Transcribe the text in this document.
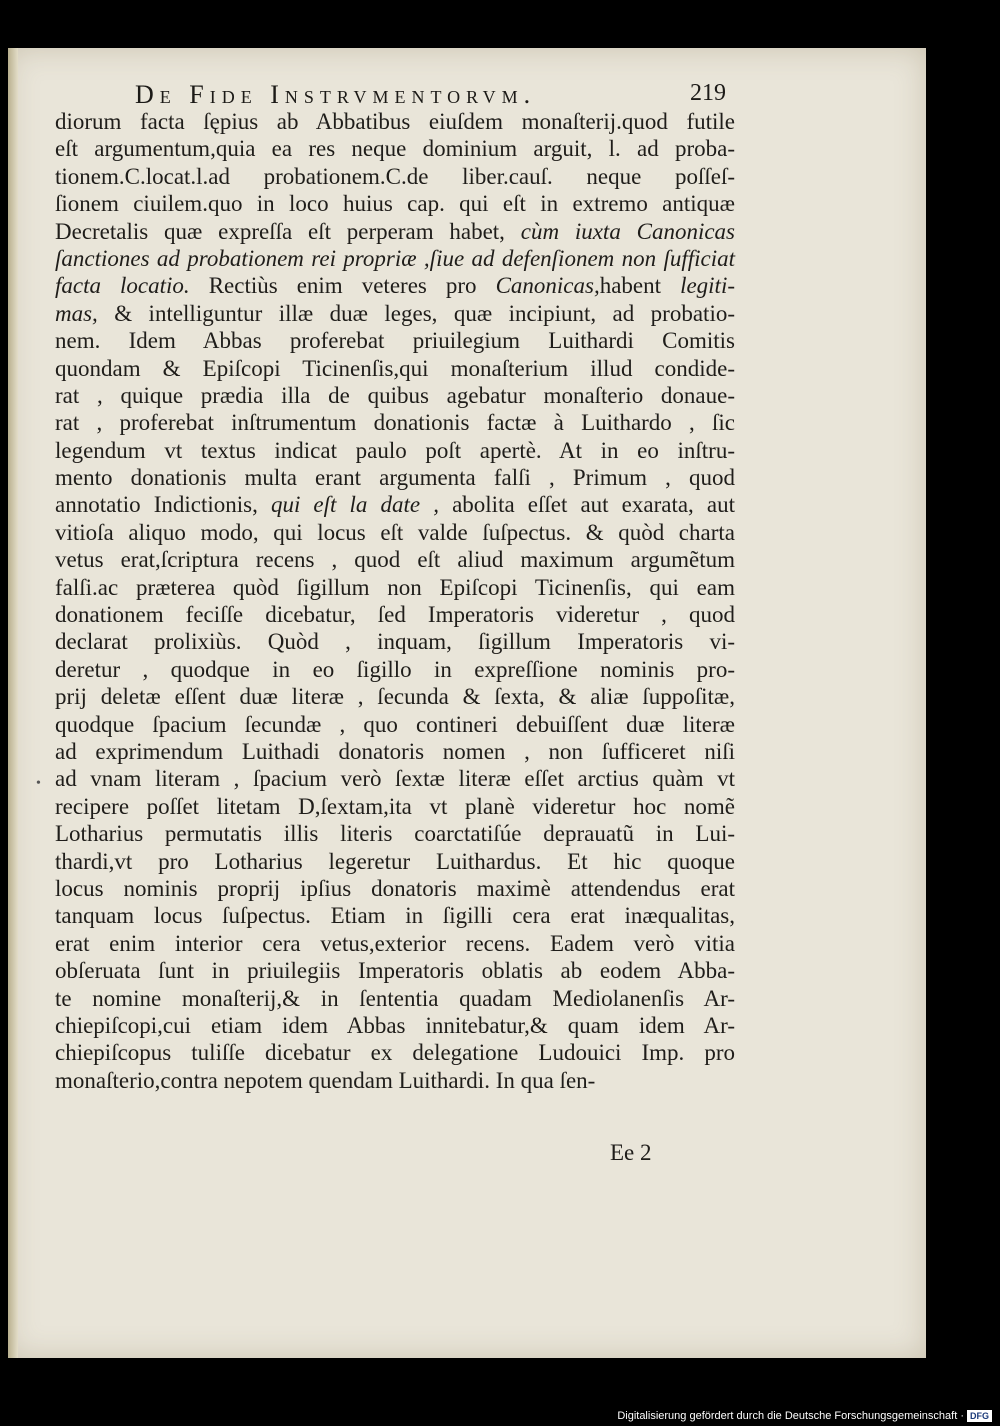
De Fide Instrvmentorvm.	219
diorum facta ſępius ab Abbatibus eiuſdem monaſterij.quod futile
eſt argumentum,quia ea res neque dominium arguit, l. ad proba-
tionem.C.locat.l.ad probationem.C.de liber.cauſ. neque poſſeſ-
ſionem ciuilem.quo in loco huius cap. qui eſt in extremo antiquæ
Decretalis quæ expreſſa eſt perperam habet, cùm iuxta Canonicas
ſanctiones ad probationem rei propriæ ,ſiue ad defenſionem non ſufficiat
facta locatio. Rectiùs enim veteres pro Canonicas,habent legiti-
mas, & intelliguntur illæ duæ leges, quæ incipiunt, ad probatio-
nem. Idem Abbas proferebat priuilegium Luithardi Comitis
quondam & Epiſcopi Ticinenſis,qui monaſterium illud condide-
rat , quique prædia illa de quibus agebatur monaſterio donaue-
rat , proferebat inſtrumentum donationis factæ à Luithardo , ſic
legendum vt textus indicat paulo poſt apertè. At in eo inſtru-
mento donationis multa erant argumenta falſi , Primum , quod
annotatio Indictionis, qui eſt la date , abolita eſſet aut exarata, aut
vitioſa aliquo modo, qui locus eſt valde ſuſpectus. & quòd charta
vetus erat,ſcriptura recens , quod eſt aliud maximum argumẽtum
falſi.ac præterea quòd ſigillum non Epiſcopi Ticinenſis, qui eam
donationem feciſſe dicebatur, ſed Imperatoris videretur , quod
declarat prolixiùs. Quòd , inquam, ſigillum Imperatoris vi-
deretur , quodque in eo ſigillo in expreſſione nominis pro-
prij deletæ eſſent duæ literæ , ſecunda & ſexta, & aliæ ſuppoſitæ,
quodque ſpacium ſecundæ , quo contineri debuiſſent duæ literæ
ad exprimendum Luithadi donatoris nomen , non ſufficeret niſi
ad vnam literam , ſpacium verò ſextæ literæ eſſet arctius quàm vt
recipere poſſet litetam D,ſextam,ita vt planè videretur hoc nomẽ
Lotharius permutatis illis literis coarctatiſúe deprauatũ in Lui-
thardi,vt pro Lotharius legeretur Luithardus. Et hic quoque
locus nominis proprij ipſius donatoris maximè attendendus erat
tanquam locus ſuſpectus. Etiam in ſigilli cera erat inæqualitas,
erat enim interior cera vetus,exterior recens. Eadem verò vitia
obſeruata ſunt in priuilegiis Imperatoris oblatis ab eodem Abba-
te nomine monaſterij,& in ſententia quadam Mediolanenſis Ar-
chiepiſcopi,cui etiam idem Abbas innitebatur,& quam idem Ar-
chiepiſcopus tuliſſe dicebatur ex delegatione Ludouici Imp. pro
monaſterio,contra nepotem quendam Luithardi. In qua ſen-
•
Ee 2
Digitalisierung gefördert durch die Deutsche Forschungsgemeinschaft · DFG
